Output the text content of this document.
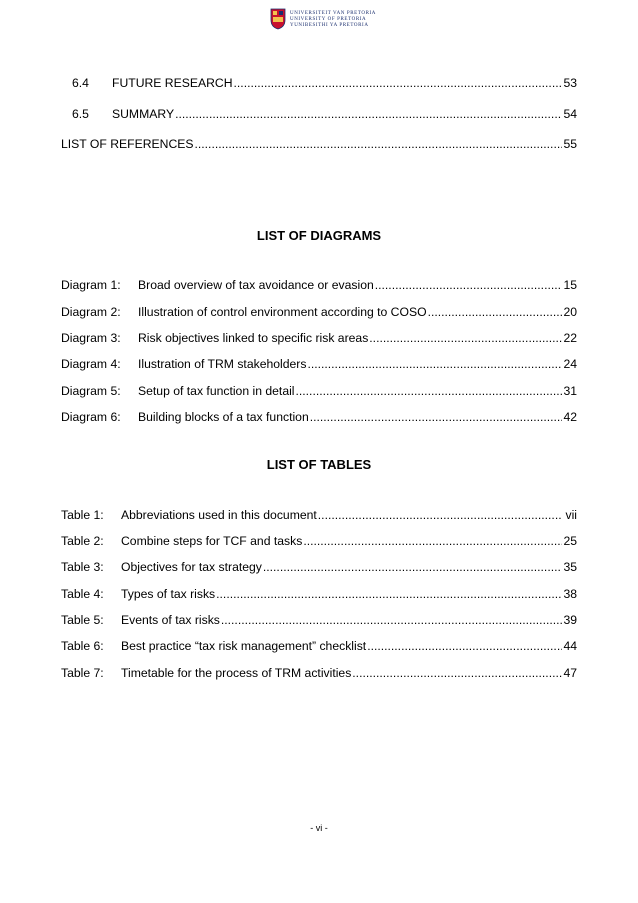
UNIVERSITEIT VAN PRETORIA
UNIVERSITY OF PRETORIA
YUNIBESITHI YA PRETORIA
6.4	FUTURE RESEARCH .....	53
6.5	SUMMARY .....	54
LIST OF REFERENCES .....	55
LIST OF DIAGRAMS
Diagram 1:	Broad overview of tax avoidance or evasion .....	15
Diagram 2:	Illustration of control environment according to COSO .....	20
Diagram 3:	Risk objectives linked to specific risk areas .....	22
Diagram 4:	Ilustration of TRM stakeholders .....	24
Diagram 5:	Setup of tax function in detail .....	31
Diagram 6:	Building blocks of a tax function .....	42
LIST OF TABLES
Table 1:	Abbreviations used in this document .....	vii
Table 2:	Combine steps for TCF and tasks .....	25
Table 3:	Objectives for tax strategy .....	35
Table 4:	Types of tax risks .....	38
Table 5:	Events of tax risks .....	39
Table 6:	Best practice “tax risk management” checklist .....	44
Table 7:	Timetable for the process of TRM activities .....	47
- vi -
